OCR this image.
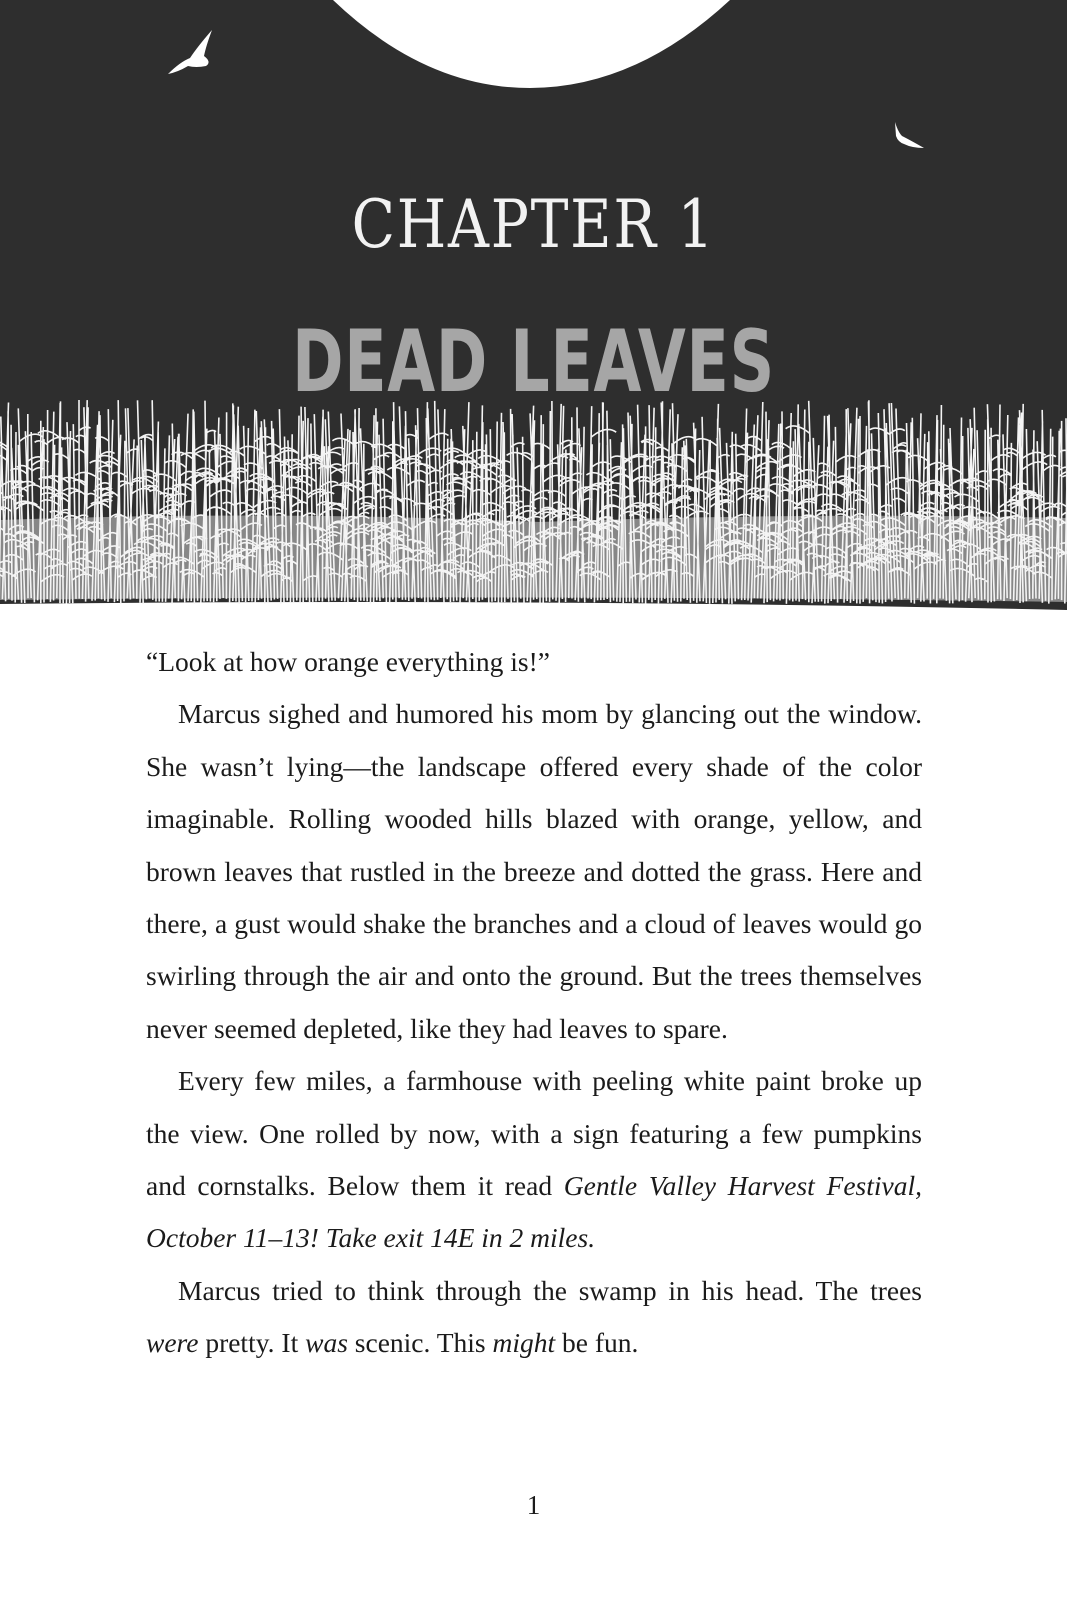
CHAPTER 1
DEAD LEAVES

“Look at how orange everything is!”

Marcus sighed and humored his mom by glancing out the window. She wasn’t lying—the landscape offered every shade of the color imaginable. Rolling wooded hills blazed with orange, yellow, and brown leaves that rustled in the breeze and dotted the grass. Here and there, a gust would shake the branches and a cloud of leaves would go swirling through the air and onto the ground. But the trees themselves never seemed depleted, like they had leaves to spare.

Every few miles, a farmhouse with peeling white paint broke up the view. One rolled by now, with a sign featuring a few pumpkins and cornstalks. Below them it read Gentle Valley Harvest Festival, October 11–13! Take exit 14E in 2 miles.

Marcus tried to think through the swamp in his head. The trees were pretty. It was scenic. This might be fun.

1
